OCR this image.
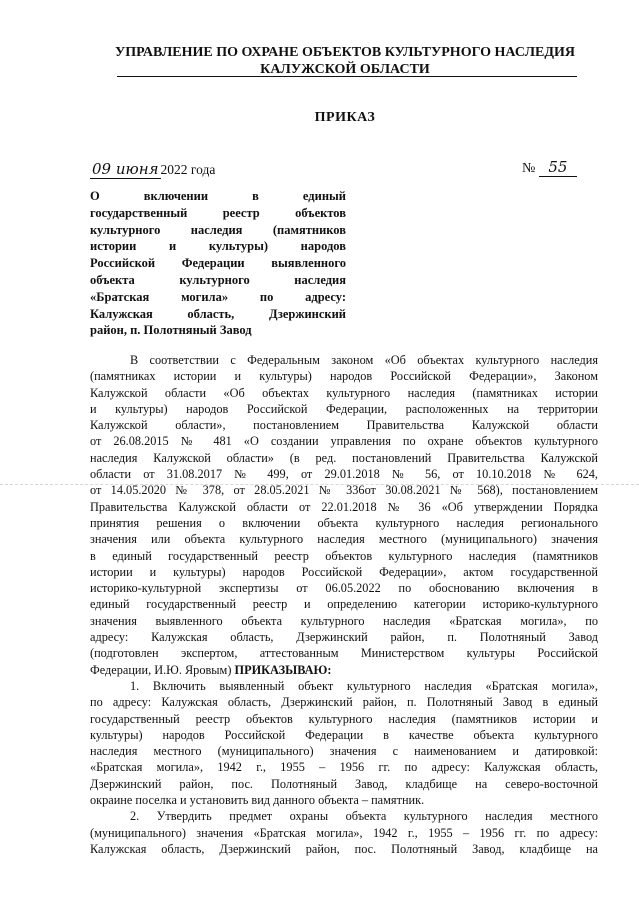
УПРАВЛЕНИЕ ПО ОХРАНЕ ОБЪЕКТОВ КУЛЬТУРНОГО НАСЛЕДИЯ
КАЛУЖСКОЙ ОБЛАСТИ
ПРИКАЗ
09 июня 2022 года	№ 55
О включении в единый
государственный реестр объектов
культурного наследия (памятников
истории и культуры) народов
Российской Федерации выявленного
объекта культурного наследия
«Братская могила» по адресу:
Калужская область, Дзержинский
район, п. Полотняный Завод
В соответствии с Федеральным законом «Об объектах культурного наследия
(памятниках истории и культуры) народов Российской Федерации», Законом
Калужской области «Об объектах культурного наследия (памятниках истории
и культуры) народов Российской Федерации, расположенных на территории
Калужской области», постановлением Правительства Калужской области
от 26.08.2015 № 481 «О создании управления по охране объектов культурного
наследия Калужской области» (в ред. постановлений Правительства Калужской
области от 31.08.2017 № 499, от 29.01.2018 № 56, от 10.10.2018 № 624,
от 14.05.2020 № 378, от 28.05.2021 № 336от 30.08.2021 № 568), постановлением
Правительства Калужской области от 22.01.2018 № 36 «Об утверждении Порядка
принятия решения о включении объекта культурного наследия регионального
значения или объекта культурного наследия местного (муниципального) значения
в единый государственный реестр объектов культурного наследия (памятников
истории и культуры) народов Российской Федерации», актом государственной
историко-культурной экспертизы от 06.05.2022 по обоснованию включения в
единый государственный реестр и определению категории историко-культурного
значения выявленного объекта культурного наследия «Братская могила», по
адресу: Калужская область, Дзержинский район, п. Полотняный Завод
(подготовлен экспертом, аттестованным Министерством культуры Российской
Федерации, И.Ю. Яровым) ПРИКАЗЫВАЮ:
1. Включить выявленный объект культурного наследия «Братская могила»,
по адресу: Калужская область, Дзержинский район, п. Полотняный Завод в единый
государственный реестр объектов культурного наследия (памятников истории и
культуры) народов Российской Федерации в качестве объекта культурного
наследия местного (муниципального) значения с наименованием и датировкой:
«Братская могила», 1942 г., 1955 – 1956 гг. по адресу: Калужская область,
Дзержинский район, пос. Полотняный Завод, кладбище на северо-восточной
окраине поселка и установить вид данного объекта – памятник.
2. Утвердить предмет охраны объекта культурного наследия местного
(муниципального) значения «Братская могила», 1942 г., 1955 – 1956 гг. по адресу:
Калужская область, Дзержинский район, пос. Полотняный Завод, кладбище на
